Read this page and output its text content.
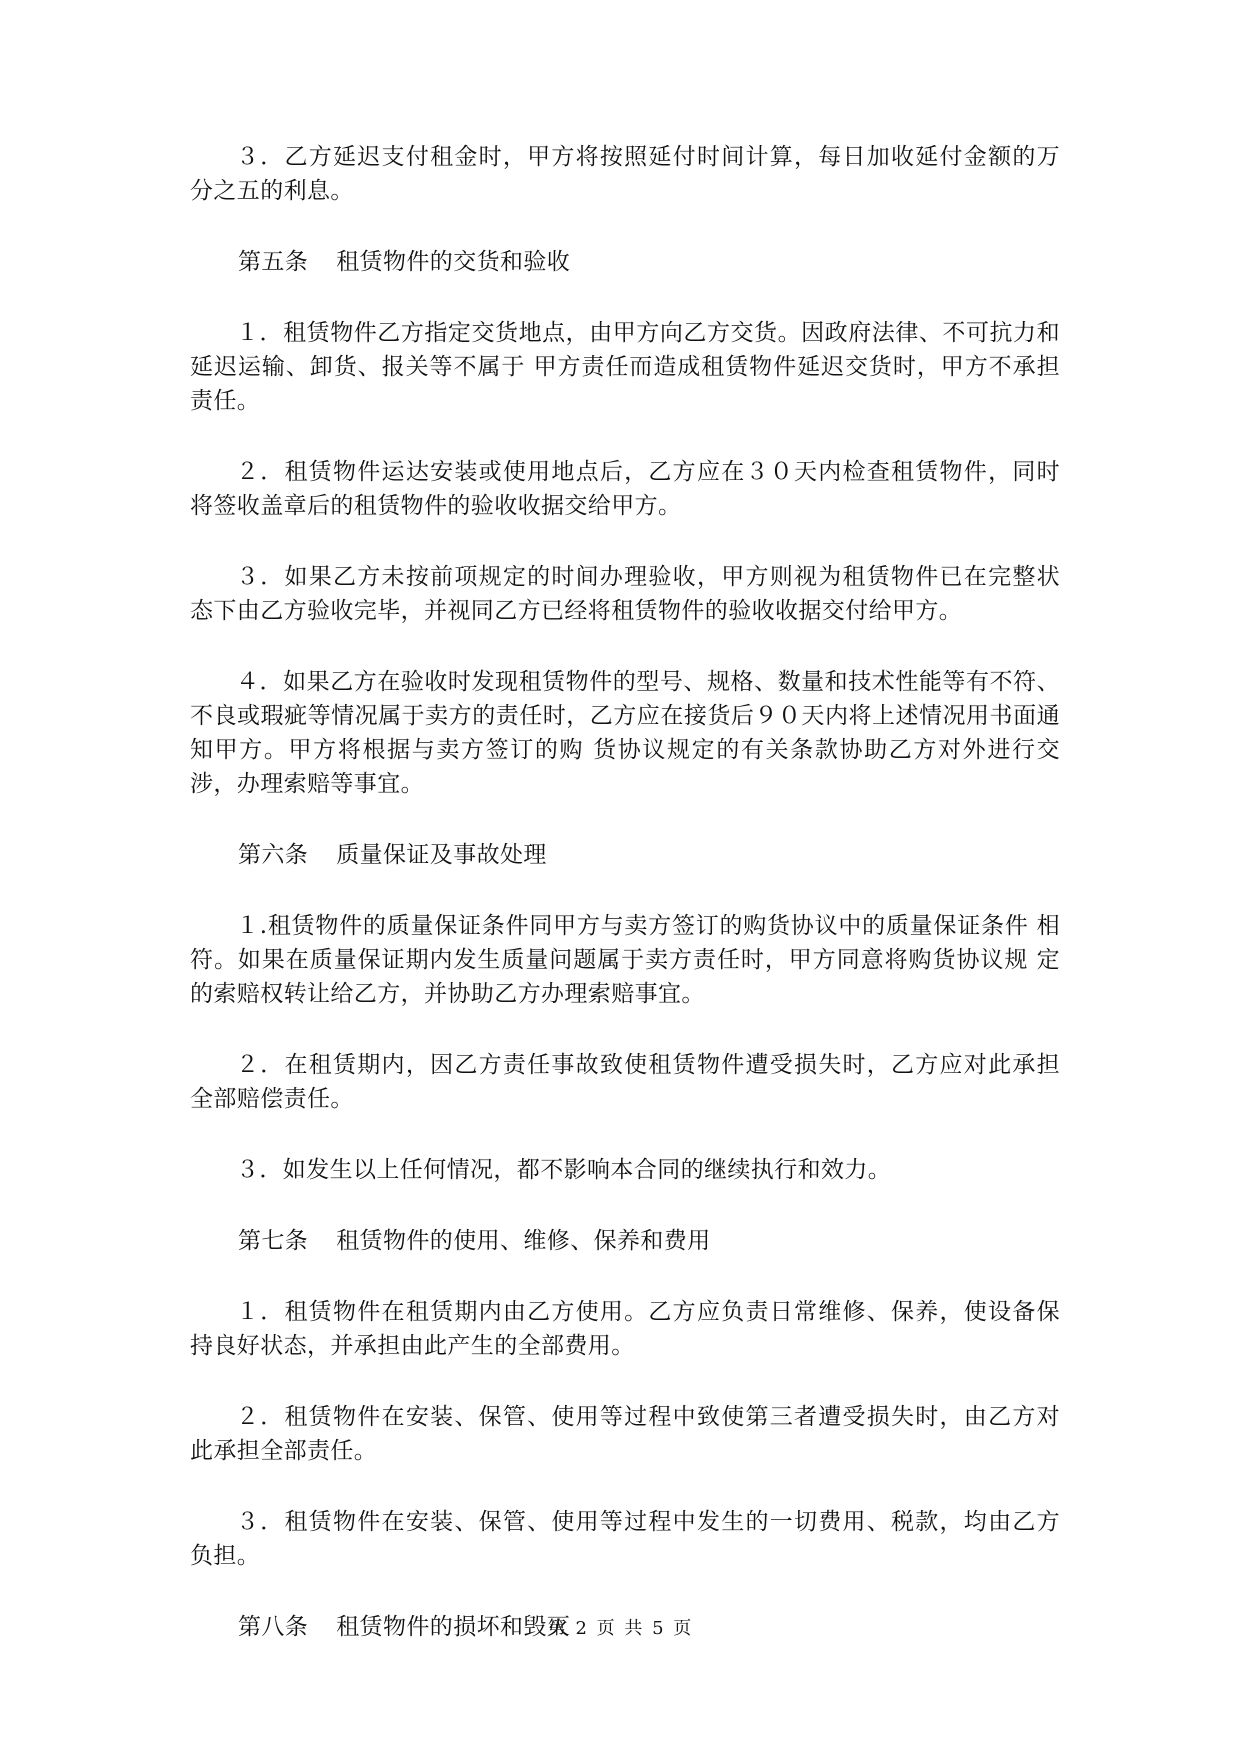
３．乙方延迟支付租金时，甲方将按照延付时间计算，每日加收延付金额的万 分之五的利息。
第五条 租赁物件的交货和验收
１．租赁物件乙方指定交货地点，由甲方向乙方交货。因政府法律、不可抗力和延迟运输、卸货、报关等不属于 甲方责任而造成租赁物件延迟交货时，甲方不承担责任。
２．租赁物件运达安装或使用地点后，乙方应在３０天内检查租赁物件，同时 将签收盖章后的租赁物件的验收收据交给甲方。
３．如果乙方未按前项规定的时间办理验收，甲方则视为租赁物件已在完整状 态下由乙方验收完毕，并视同乙方已经将租赁物件的验收收据交付给甲方。
４．如果乙方在验收时发现租赁物件的型号、规格、数量和技术性能等有不符、 不良或瑕疵等情况属于卖方的责任时，乙方应在接货后９０天内将上述情况用书面通知甲方。甲方将根据与卖方签订的购 货协议规定的有关条款协助乙方对外进行交涉，办理索赔等事宜。
第六条 质量保证及事故处理
１.租赁物件的质量保证条件同甲方与卖方签订的购货协议中的质量保证条件 相符。如果在质量保证期内发生质量问题属于卖方责任时，甲方同意将购货协议规 定的索赔权转让给乙方，并协助乙方办理索赔事宜。
２．在租赁期内，因乙方责任事故致使租赁物件遭受损失时，乙方应对此承担 全部赔偿责任。
３．如发生以上任何情况，都不影响本合同的继续执行和效力。
第七条 租赁物件的使用、维修、保养和费用
１．租赁物件在租赁期内由乙方使用。乙方应负责日常维修、保养，使设备保 持良好状态，并承担由此产生的全部费用。
２．租赁物件在安装、保管、使用等过程中致使第三者遭受损失时，由乙方对 此承担全部责任。
３．租赁物件在安装、保管、使用等过程中发生的一切费用、税款，均由乙方 负担。
第八条 租赁物件的损坏和毁灭
第 2 页 共 5 页
